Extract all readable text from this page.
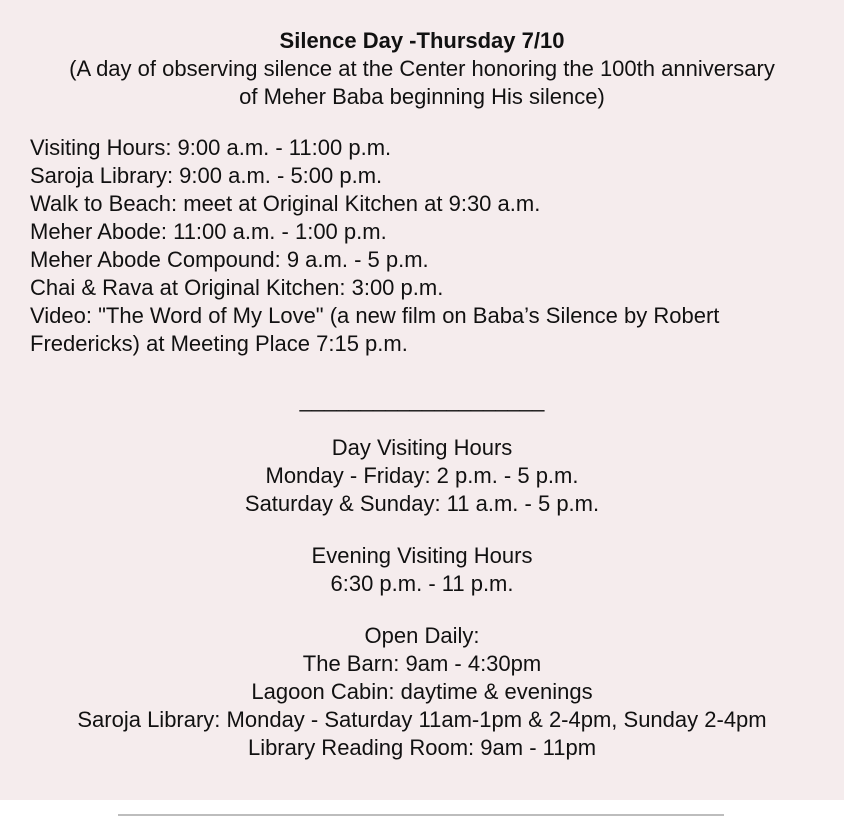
Silence Day -Thursday 7/10
(A day of observing silence at the Center honoring the 100th anniversary
of Meher Baba beginning His silence)
Visiting Hours: 9:00 a.m. - 11:00 p.m.
Saroja Library: 9:00 a.m. - 5:00 p.m.
Walk to Beach: meet at Original Kitchen at 9:30 a.m.
Meher Abode: 11:00 a.m. - 1:00 p.m.
Meher Abode Compound: 9 a.m. - 5 p.m.
Chai & Rava at Original Kitchen: 3:00 p.m.
Video: "The Word of My Love" (a new film on Baba’s Silence by Robert Fredericks) at Meeting Place 7:15 p.m.
____________________
Day Visiting Hours
Monday - Friday: 2 p.m. - 5 p.m.
Saturday & Sunday: 11 a.m. - 5 p.m.
Evening Visiting Hours
6:30 p.m. - 11 p.m.
Open Daily:
The Barn: 9am - 4:30pm
Lagoon Cabin: daytime & evenings
Saroja Library: Monday - Saturday 11am-1pm & 2-4pm, Sunday 2-4pm
Library Reading Room: 9am - 11pm
